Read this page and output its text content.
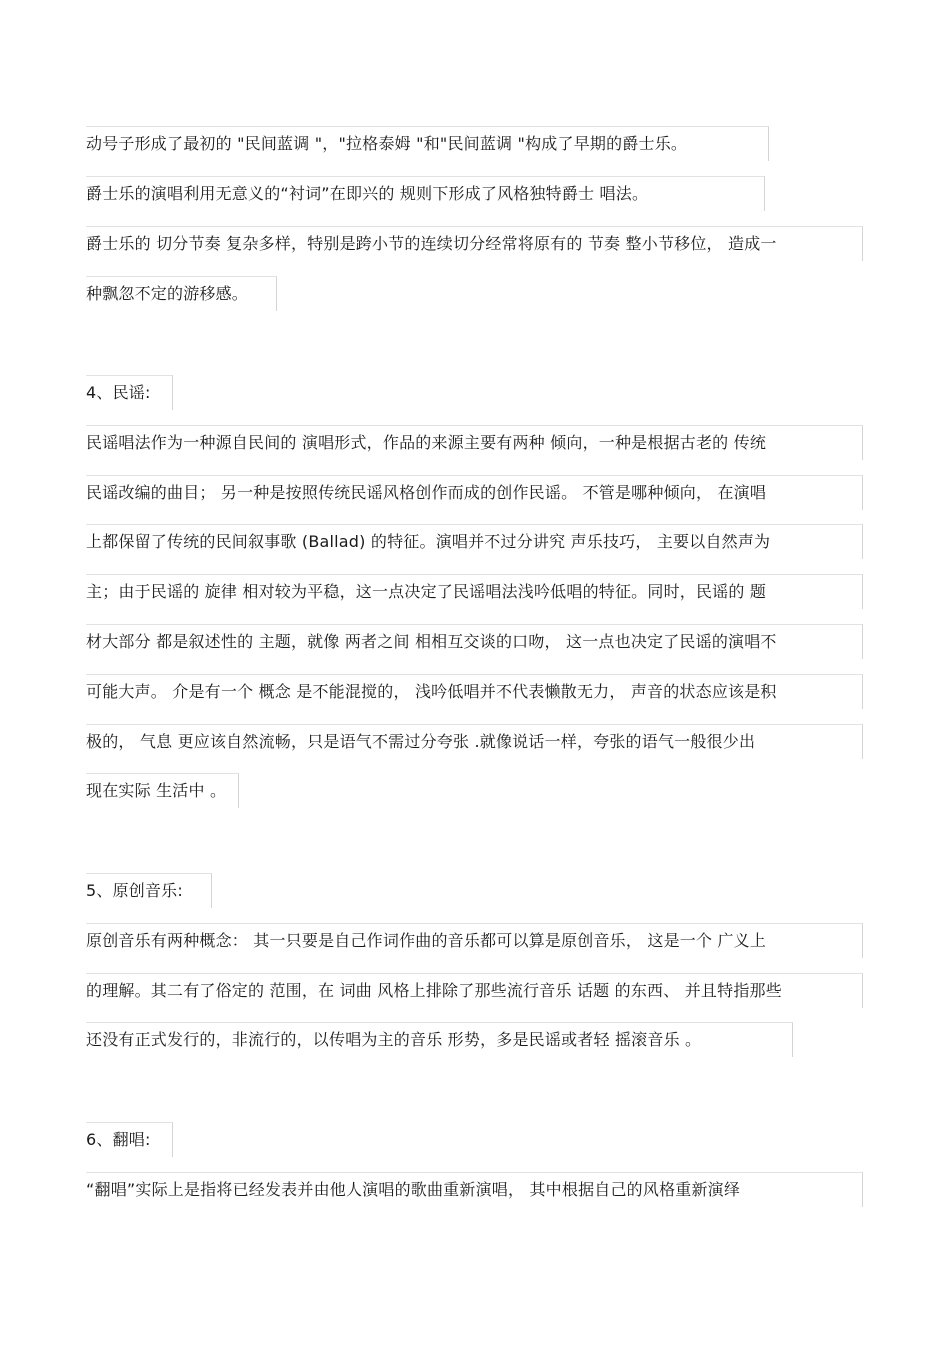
动号子形成了最初的 "民间蓝调 "，"拉格泰姆 "和"民间蓝调 "构成了早期的爵士乐。
爵士乐的演唱利用无意义的“衬词”在即兴的 规则下形成了风格独特爵士 唱法。
爵士乐的 切分节奏 复杂多样，特别是跨小节的连续切分经常将原有的 节奏 整小节移位， 造成一
种飘忽不定的游移感。
4、民谣:
民谣唱法作为一种源自民间的 演唱形式，作品的来源主要有两种 倾向，一种是根据古老的 传统
民谣改编的曲目； 另一种是按照传统民谣风格创作而成的创作民谣。 不管是哪种倾向， 在演唱
上都保留了传统的民间叙事歌 (Ballad) 的特征。演唱并不过分讲究 声乐技巧， 主要以自然声为
主；由于民谣的 旋律 相对较为平稳，这一点决定了民谣唱法浅吟低唱的特征。同时，民谣的 题
材大部分 都是叙述性的 主题，就像 两者之间 相相互交谈的口吻， 这一点也决定了民谣的演唱不
可能大声。 介是有一个 概念 是不能混搅的， 浅吟低唱并不代表懒散无力， 声音的状态应该是积
极的， 气息 更应该自然流畅，只是语气不需过分夸张 .就像说话一样，夸张的语气一般很少出
现在实际 生活中 。
5、原创音乐:
原创音乐有两种概念： 其一只要是自己作词作曲的音乐都可以算是原创音乐， 这是一个 广义上
的理解。其二有了俗定的 范围，在 词曲 风格上排除了那些流行音乐 话题 的东西、 并且特指那些
还没有正式发行的，非流行的，以传唱为主的音乐 形势，多是民谣或者轻 摇滚音乐 。
6、翻唱:
“翻唱”实际上是指将已经发表并由他人演唱的歌曲重新演唱， 其中根据自己的风格重新演绎
